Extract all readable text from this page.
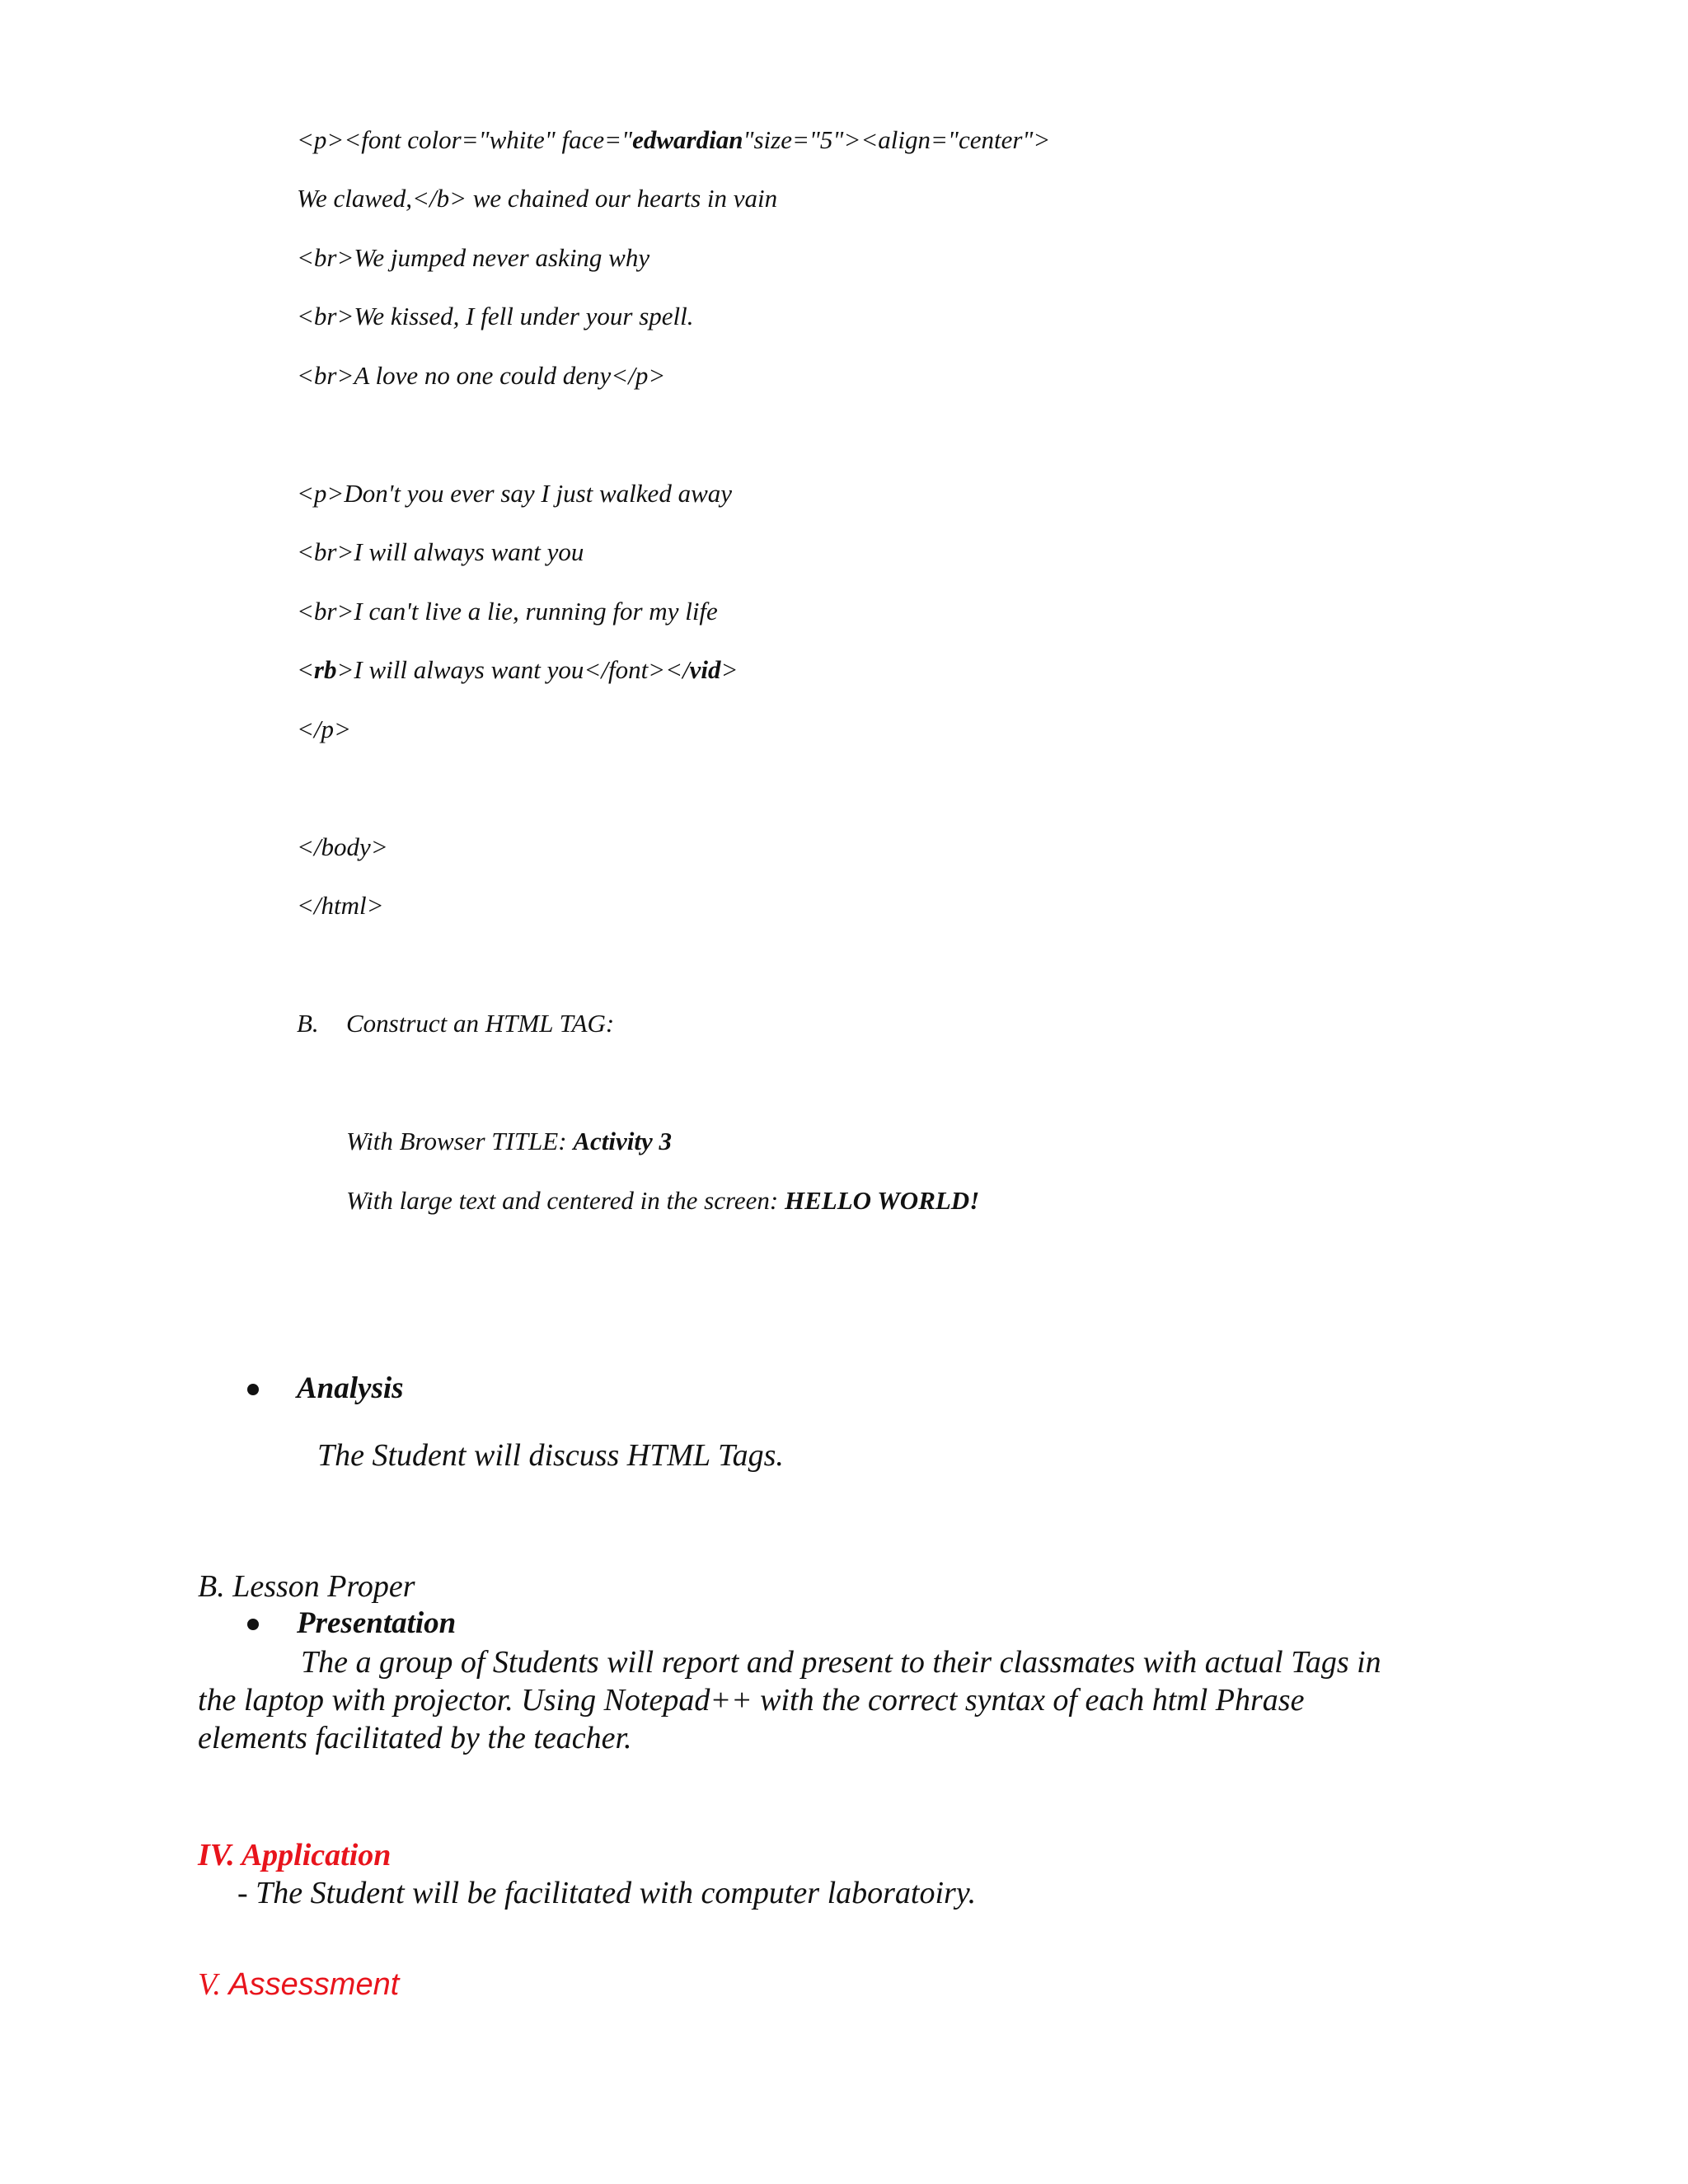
<p><font color="white" face="edwardian"size="5"><align="center">
We clawed,</b> we chained our hearts in vain
<br>We jumped never asking why
<br>We kissed, I fell under your spell.
<br>A love no one could deny</p>
<p>Don't you ever say I just walked away
<br>I will always want you
<br>I can't live a lie, running for my life
<rb>I will always want you</font></vid>
</p>
</body>
</html>
B. Construct an HTML TAG:
With Browser TITLE: Activity 3
With large text and centered in the screen: HELLO WORLD!
Analysis
The Student will discuss HTML Tags.
B. Lesson Proper
Presentation
The a group of Students will report and present to their classmates with actual Tags in
the laptop with projector. Using Notepad++ with the correct syntax of each html Phrase
elements facilitated by the teacher.
IV. Application
- The Student will be facilitated with computer laboratoiry.
V. Assessment
